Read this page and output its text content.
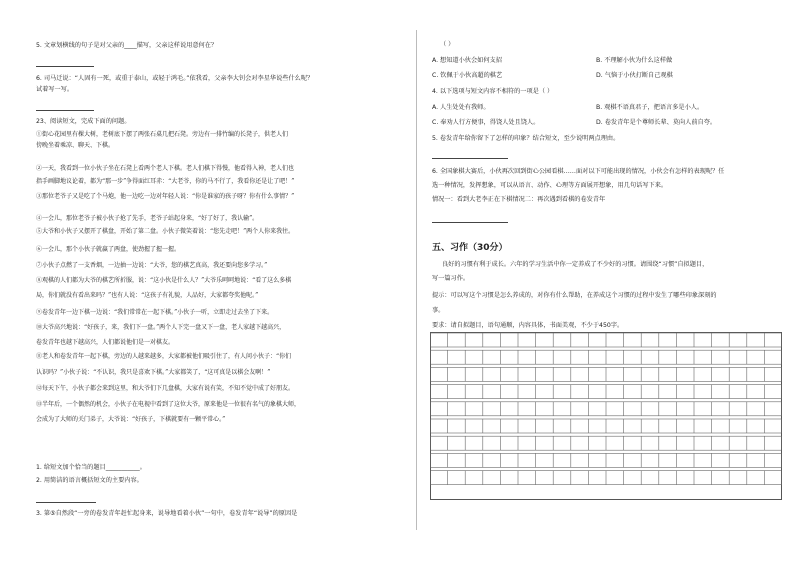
5. 文章划横线的句子是对父亲的____描写，父亲这样说用意何在？
6. 司马迁说：“人固有一死，或重于泰山，或轻于鸿毛。”依我看，父亲李大钊会对李星华说些什么呢？
试着写一写。
23、阅读短文，完成下面的问题。
①街心花园里有棵大树，老树底下摆了两张石桌几把石凳。旁边有一排竹编的长凳子，供老人们
傍晚坐着乘凉、聊天、下棋。
②一天，我看到一位小伙子坐在石凳上看两个老人下棋。老人们棋下得慢，他看得入神，老人们也
指手画脚地议论着，都为“那一步”争得面红耳赤：“大老爷，你的马不行了，我看你还是让了吧！”
③那位老爷子又是吃了个马炮，他一边吃一边对年轻人说：“你是谁家的孩子呀？你有什么事情？”
④一会儿，那位老爷子被小伙子抢了先手，老爷子站起身来，“好了好了，我认输”。
⑤大爷和小伙子又摆开了棋盘，开始了第二盘。小伙子微笑着说：“您先走吧！”两个人你来我往。
⑥一会儿，那个小伙子就赢了两盘，使劲握了握一握。
⑦小伙子点燃了一支香烟，一边抽一边说：“大爷，您的棋艺真高，我还要向您多学习。”
⑧观棋的人们都为大爷的棋艺所折服，说：“这小伙是什么人？”大爷乐呵呵地说：“看了这么多棋
局，你们就没有看出来吗？”也有人说：“这孩子有礼貌，人品好，大家都夸奖他呢。”
⑨卷发青年一边下棋一边说：“我们常常在一起下棋。”小伙子一听，立即走过去坐了下来。
⑩大爷高兴地说：“好孩子，来，我们下一盘。”两个人下完一盘又下一盘，老人家越下越高兴，
卷发青年也越下越高兴，人们都说他们是一对棋友。
⑪老人和卷发青年一起下棋，旁边的人越来越多，大家都被他们吸引住了，有人问小伙子：“你们
认识吗？”小伙子说：“不认识，我只是喜欢下棋。”大家都笑了，“这可真是以棋会友啊！”
⑫每天下午，小伙子都会来到这里，和大爷们下几盘棋，大家有说有笑，不知不觉中成了好朋友。
⑬半年后，一个偶然的机会，小伙子在电视中看到了这位大爷，原来他是一位很有名气的象棋大师，
会成为了大师的关门弟子，大爷说：“好孩子，下棋就要有一颗平常心。”
1. 给短文加个恰当的题目___________。
2. 用简洁的语言概括短文的主要内容。
3. 第⑤自然段“一旁的卷发青年赶忙起身来，说导地看着小伙”一句中，卷发青年“说导”的原因是
（ ）
A. 想知道小伙会如何支招	B. 不理解小伙为什么这样做
C. 钦佩于小伙高超的棋艺	D. 气恼于小伙打断自己观棋
4. 以下选项与短文内容不相符的一项是（ ）
A. 人生处处有我师。	B. 观棋不语真君子，把语言多是小人。
C. 奉劝人行方便事，得饶人处且饶人。	D. 卷发青年是个尊师长辈、莫向人前自夸。
5. 卷发青年给你留下了怎样的印象？结合短文，至少说明两点理由。
6. 全国象棋大赛后，小伙再次回到街心公园看棋……面对以下可能出现的情况，小伙会有怎样的表现呢？任
选一种情况，发挥想象，可以从语言、动作、心理等方面展开想象，用几句话写下来。
情况一：看到大老李正在下棋情况二：再次遇到看棋的卷发青年
五、习作（30分）
良好的习惯有利于成长。六年的学习生活中你一定养成了不少好的习惯。请围绕“习惯”自拟题目，
写一篇习作。
提示：可以写这个习惯是怎么养成的，对你有什么帮助，在养成这个习惯的过程中发生了哪些印象深刻的
事。
要求：请自拟题目，语句通顺，内容具体，书面美观，不少于450字。
